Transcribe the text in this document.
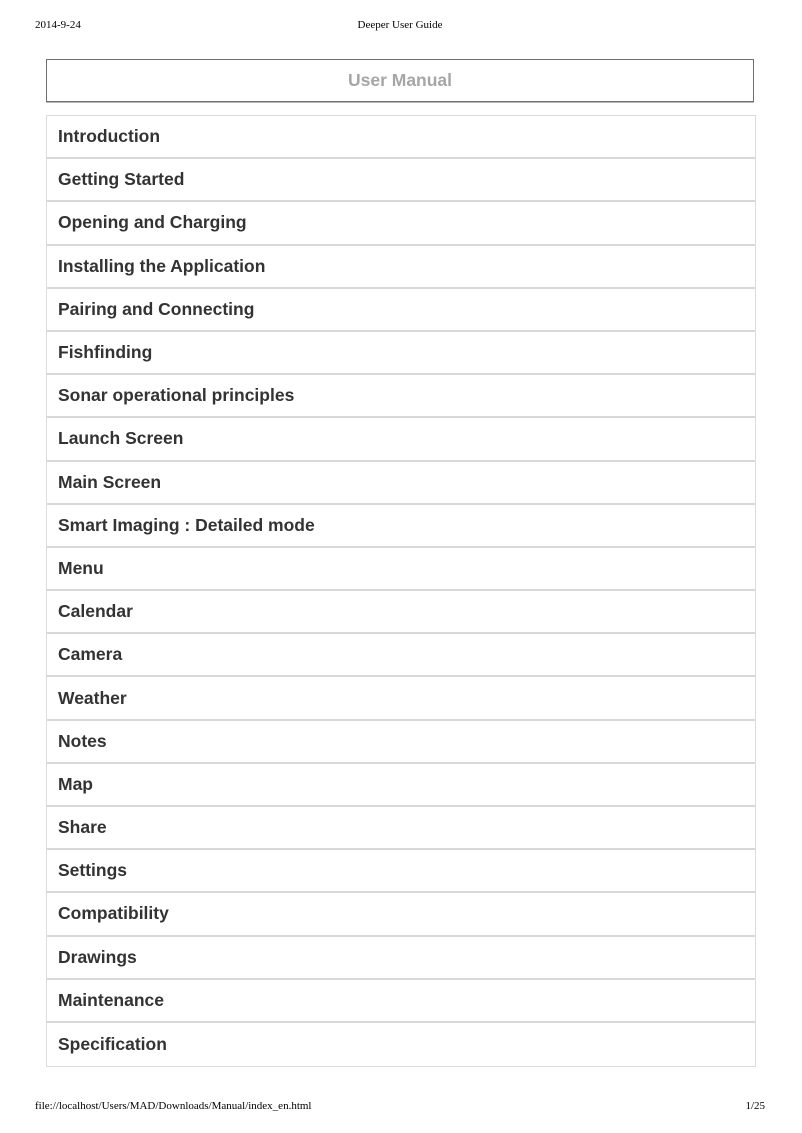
2014-9-24	Deeper User Guide
User Manual
Introduction
Getting Started
Opening and Charging
Installing the Application
Pairing and Connecting
Fishfinding
Sonar operational principles
Launch Screen
Main Screen
Smart Imaging : Detailed mode
Menu
Calendar
Camera
Weather
Notes
Map
Share
Settings
Compatibility
Drawings
Maintenance
Specification
file://localhost/Users/MAD/Downloads/Manual/index_en.html	1/25
